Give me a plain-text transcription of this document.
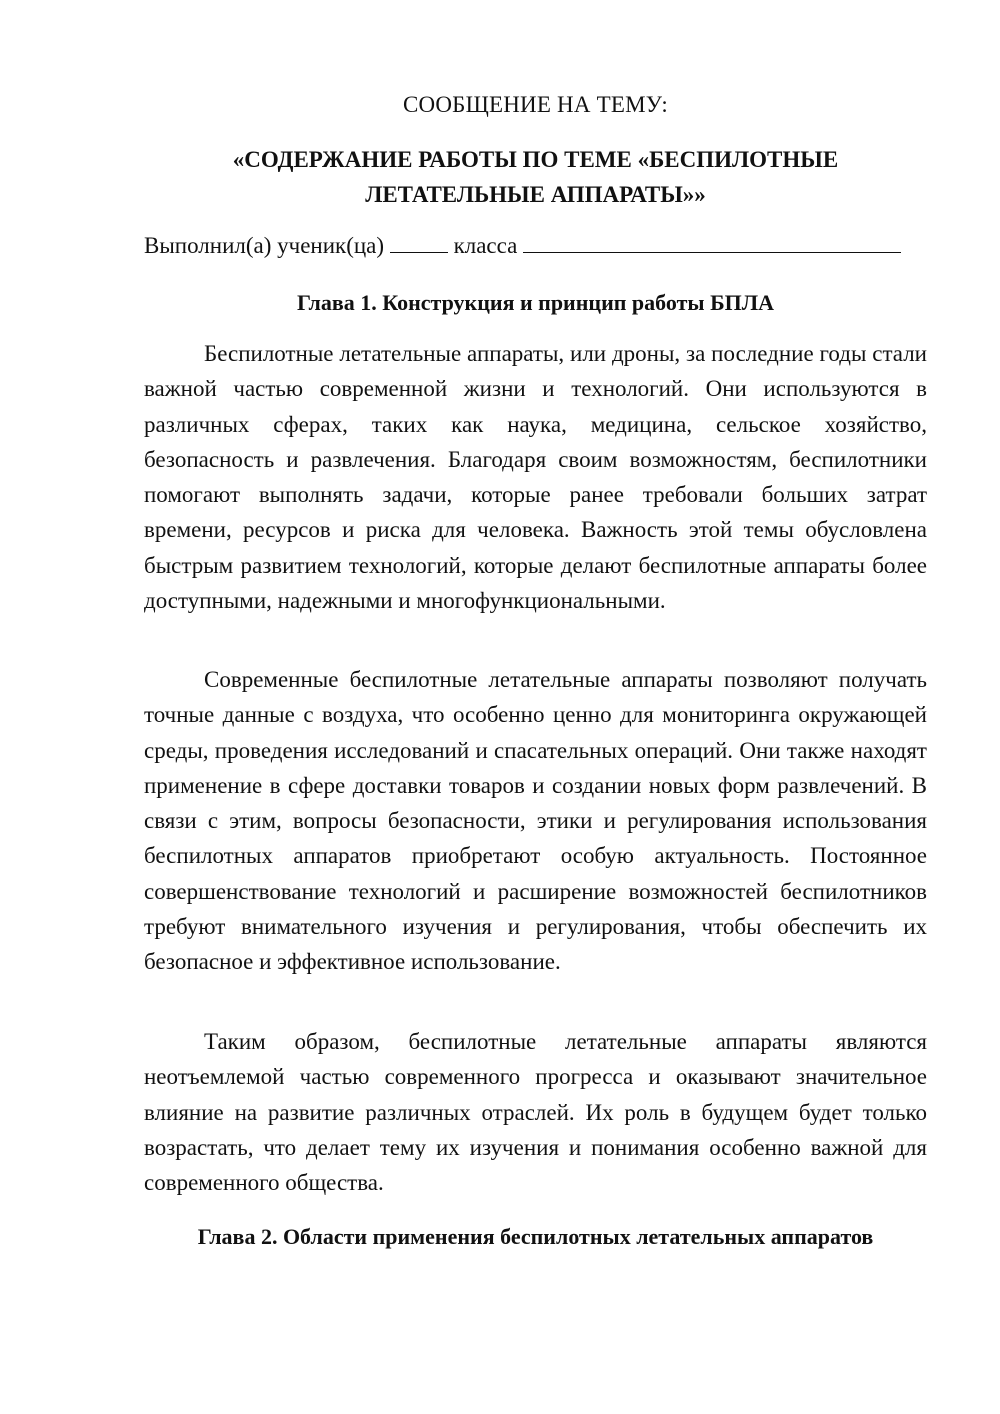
СООБЩЕНИЕ НА ТЕМУ:
«СОДЕРЖАНИЕ РАБОТЫ ПО ТЕМЕ «БЕСПИЛОТНЫЕ ЛЕТАТЕЛЬНЫЕ АППАРАТЫ»»
Выполнил(а) ученик(ца)	класса
Глава 1. Конструкция и принцип работы БПЛА

Беспилотные летательные аппараты, или дроны, за последние годы стали важной частью современной жизни и технологий. Они используются в различных сферах, таких как наука, медицина, сельское хозяйство, безопасность и развлечения. Благодаря своим возможностям, беспилотники помогают выполнять задачи, которые ранее требовали больших затрат времени, ресурсов и риска для человека. Важность этой темы обусловлена быстрым развитием технологий, которые делают беспилотные аппараты более доступными, надежными и многофункциональными.

Современные беспилотные летательные аппараты позволяют получать точные данные с воздуха, что особенно ценно для мониторинга окружающей среды, проведения исследований и спасательных операций. Они также находят применение в сфере доставки товаров и создании новых форм развлечений. В связи с этим, вопросы безопасности, этики и регулирования использования беспилотных аппаратов приобретают особую актуальность. Постоянное совершенствование технологий и расширение возможностей беспилотников требуют внимательного изучения и регулирования, чтобы обеспечить их безопасное и эффективное использование.

Таким образом, беспилотные летательные аппараты являются неотъемлемой частью современного прогресса и оказывают значительное влияние на развитие различных отраслей. Их роль в будущем будет только возрастать, что делает тему их изучения и понимания особенно важной для современного общества.

Глава 2. Области применения беспилотных летательных аппаратов
